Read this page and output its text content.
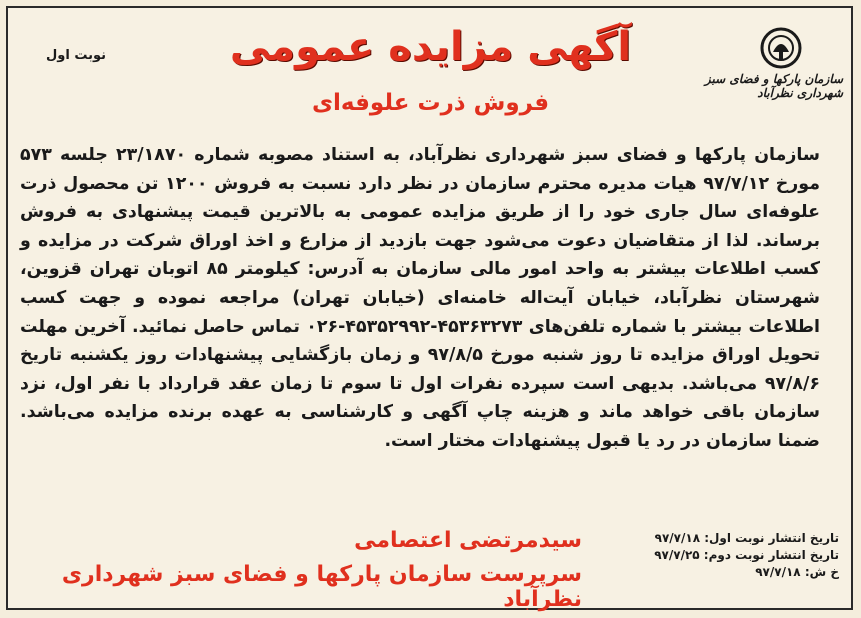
نوبت اول
سازمان پارکها و فضای سبز شهرداری نظرآباد
آگهی مزایده عمومی
فروش ذرت علوفه‌ای

سازمان پارکها و فضای سبز شهرداری نظرآباد، به استناد مصوبه شماره ۲۳/۱۸۷۰ جلسه ۵۷۳ مورخ ۹۷/۷/۱۲ هیات مدیره محترم سازمان در نظر دارد نسبت به فروش ۱۲۰۰ تن محصول ذرت علوفه‌ای سال جاری خود را از طریق مزایده عمومی به بالاترین قیمت پیشنهادی به فروش برساند. لذا از متقاضیان دعوت می‌شود جهت بازدید از مزارع و اخذ اوراق شرکت در مزایده و کسب اطلاعات بیشتر به واحد امور مالی سازمان به آدرس: کیلومتر ۸۵ اتوبان تهران قزوین، شهرستان نظرآباد، خیابان آیت‌اله خامنه‌ای (خیابان تهران) مراجعه نموده و جهت کسب اطلاعات بیشتر با شماره تلفن‌های ۴۵۳۶۳۲۷۳-۴۵۳۵۲۹۹۲-۰۲۶ تماس حاصل نمائید. آخرین مهلت تحویل اوراق مزایده تا روز شنبه مورخ ۹۷/۸/۵ و زمان بازگشایی پیشنهادات روز یکشنبه تاریخ ۹۷/۸/۶ می‌باشد. بدیهی است سپرده نفرات اول تا سوم تا زمان عقد قرارداد با نفر اول، نزد سازمان باقی خواهد ماند و هزینه چاپ آگهی و کارشناسی به عهده برنده مزایده می‌باشد. ضمنا سازمان در رد یا قبول پیشنهادات مختار است.

سیدمرتضی اعتصامی
سرپرست سازمان پارکها و فضای سبز شهرداری نظرآباد
تاریخ انتشار نوبت اول: ۹۷/۷/۱۸
تاریخ انتشار نوبت دوم: ۹۷/۷/۲۵
خ ش: ۹۷/۷/۱۸
